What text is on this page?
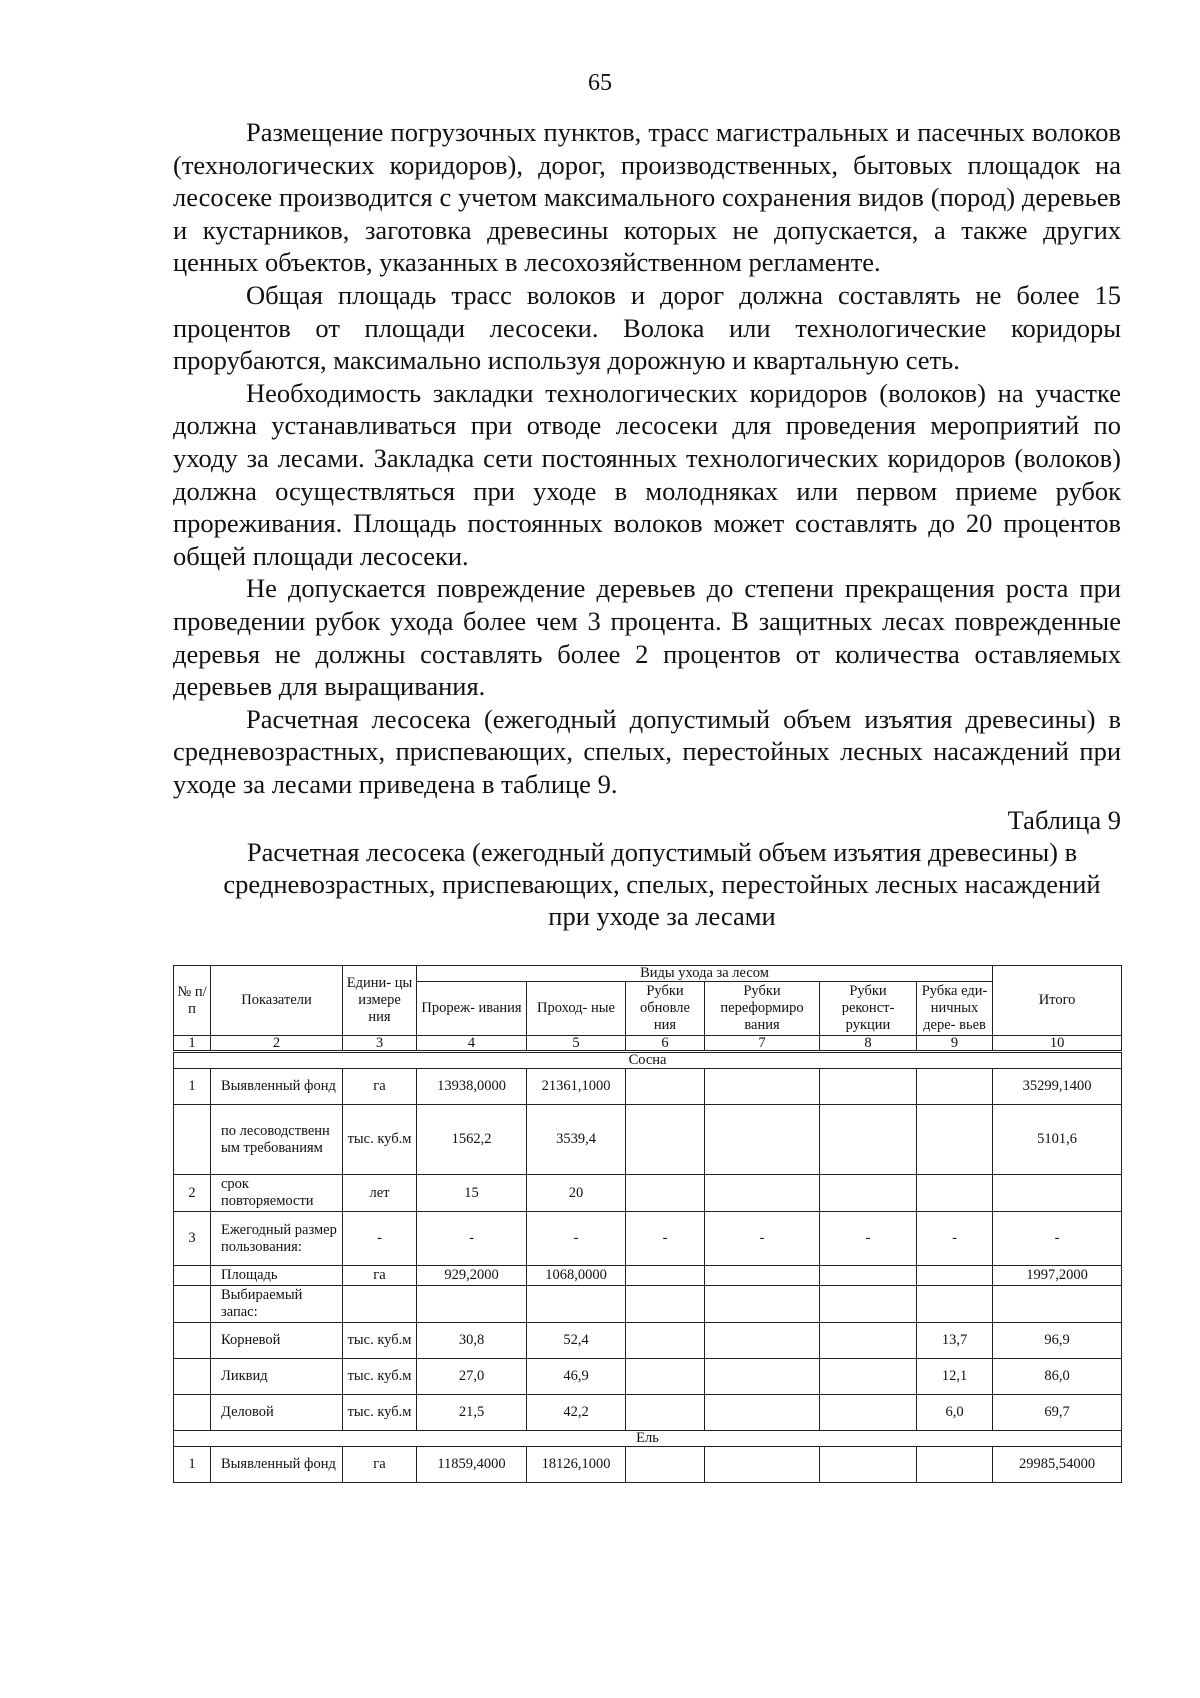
65

Размещение погрузочных пунктов, трасс магистральных и пасечных волоков (технологических коридоров), дорог, производственных, бытовых площадок на лесосеке производится с учетом максимального сохранения видов (пород) деревьев и кустарников, заготовка древесины которых не допускается, а также других ценных объектов, указанных в лесохозяйственном регламенте.

Общая площадь трасс волоков и дорог должна составлять не более 15 процентов от площади лесосеки. Волока или технологические коридоры прорубаются, максимально используя дорожную и квартальную сеть.

Необходимость закладки технологических коридоров (волоков) на участке должна устанавливаться при отводе лесосеки для проведения мероприятий по уходу за лесами. Закладка сети постоянных технологических коридоров (волоков) должна осуществляться при уходе в молодняках или первом приеме рубок прореживания. Площадь постоянных волоков может составлять до 20 процентов общей площади лесосеки.

Не допускается повреждение деревьев до степени прекращения роста при проведении рубок ухода более чем 3 процента. В защитных лесах поврежденные деревья не должны составлять более 2 процентов от количества оставляемых деревьев для выращивания.

Расчетная лесосека (ежегодный допустимый объем изъятия древесины) в средневозрастных, приспевающих, спелых, перестойных лесных насаждений при уходе за лесами приведена в таблице 9.

Таблица 9
Расчетная лесосека (ежегодный допустимый объем изъятия древесины) в средневозрастных, приспевающих, спелых, перестойных лесных насаждений при уходе за лесами
№ п/п	Показатели	Едини- цы измере ния	Виды ухода за лесом						Итого
			Прореж- ивания	Проход- ные	Рубки обновле ния	Рубки переформиро вания	Рубки реконст- рукции	Рубка еди- ничных дере- вьев	
1	2	3	4	5	6	7	8	9	10
Сосна									
1	Выявленный фонд	га	13938,0000	21361,1000					35299,1400
	по лесоводственн ым требованиям	тыс. куб.м	1562,2	3539,4					5101,6
2	срок повторяемости	лет	15	20					
3	Ежегодный размер пользования:	-	-	-	-	-	-	-	-
	Площадь	га	929,2000	1068,0000					1997,2000
	Выбираемый запас:								
	Корневой	тыс. куб.м	30,8	52,4				13,7	96,9
	Ликвид	тыс. куб.м	27,0	46,9				12,1	86,0
	Деловой	тыс. куб.м	21,5	42,2				6,0	69,7
Ель									
1	Выявленный фонд	га	11859,4000	18126,1000					29985,54000
